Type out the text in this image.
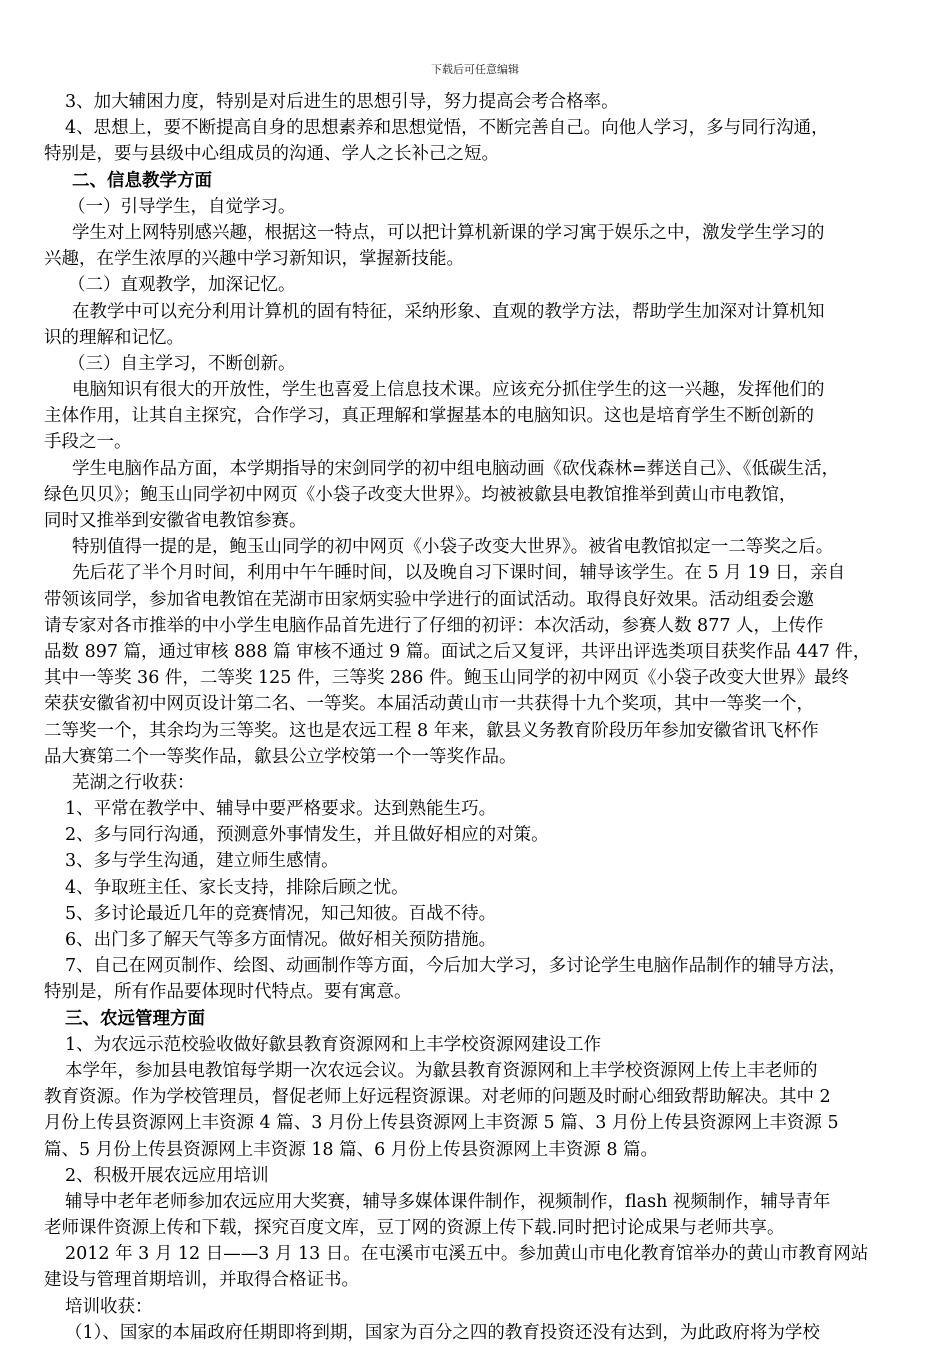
下载后可任意编辑
3、加大辅困力度，特别是对后进生的思想引导，努力提高会考合格率。
4、思想上，要不断提高自身的思想素养和思想觉悟，不断完善自己。向他人学习，多与同行沟通，
特别是，要与县级中心组成员的沟通、学人之长补己之短。
二、信息教学方面
（一）引导学生，自觉学习。
学生对上网特别感兴趣，根据这一特点，可以把计算机新课的学习寓于娱乐之中，激发学生学习的
兴趣，在学生浓厚的兴趣中学习新知识，掌握新技能。
（二）直观教学，加深记忆。
在教学中可以充分利用计算机的固有特征，采纳形象、直观的教学方法，帮助学生加深对计算机知
识的理解和记忆。
（三）自主学习，不断创新。
电脑知识有很大的开放性，学生也喜爱上信息技术课。应该充分抓住学生的这一兴趣，发挥他们的
主体作用，让其自主探究，合作学习，真正理解和掌握基本的电脑知识。这也是培育学生不断创新的
手段之一。
学生电脑作品方面，本学期指导的宋剑同学的初中组电脑动画《砍伐森林=葬送自己》、《低碳生活，
绿色贝贝》；鲍玉山同学初中网页《小袋子改变大世界》。均被被歙县电教馆推举到黄山市电教馆，
同时又推举到安徽省电教馆参赛。
特别值得一提的是，鲍玉山同学的初中网页《小袋子改变大世界》。被省电教馆拟定一二等奖之后。
先后花了半个月时间，利用中午午睡时间，以及晚自习下课时间，辅导该学生。在 5 月 19 日，亲自
带领该同学，参加省电教馆在芜湖市田家炳实验中学进行的面试活动。取得良好效果。活动组委会邀
请专家对各市推举的中小学生电脑作品首先进行了仔细的初评：本次活动，参赛人数 877 人，上传作
品数 897 篇，通过审核 888 篇 审核不通过 9 篇。面试之后又复评，共评出评选类项目获奖作品 447 件，
其中一等奖 36 件，二等奖 125 件，三等奖 286 件。鲍玉山同学的初中网页《小袋子改变大世界》最终
荣获安徽省初中网页设计第二名、一等奖。本届活动黄山市一共获得十九个奖项，其中一等奖一个，
二等奖一个，其余均为三等奖。这也是农远工程 8 年来，歙县义务教育阶段历年参加安徽省讯飞杯作
品大赛第二个一等奖作品，歙县公立学校第一个一等奖作品。
芜湖之行收获：
1、平常在教学中、辅导中要严格要求。达到熟能生巧。
2、多与同行沟通，预测意外事情发生，并且做好相应的对策。
3、多与学生沟通，建立师生感情。
4、争取班主任、家长支持，排除后顾之忧。
5、多讨论最近几年的竞赛情况，知己知彼。百战不待。
6、出门多了解天气等多方面情况。做好相关预防措施。
7、自己在网页制作、绘图、动画制作等方面，今后加大学习，多讨论学生电脑作品制作的辅导方法，
特别是，所有作品要体现时代特点。要有寓意。
三、农远管理方面
1、为农远示范校验收做好歙县教育资源网和上丰学校资源网建设工作
本学年，参加县电教馆每学期一次农远会议。为歙县教育资源网和上丰学校资源网上传上丰老师的
教育资源。作为学校管理员，督促老师上好远程资源课。对老师的问题及时耐心细致帮助解决。其中 2
月份上传县资源网上丰资源 4 篇、3 月份上传县资源网上丰资源 5 篇、3 月份上传县资源网上丰资源 5
篇、5 月份上传县资源网上丰资源 18 篇、6 月份上传县资源网上丰资源 8 篇。
2、积极开展农远应用培训
辅导中老年老师参加农远应用大奖赛，辅导多媒体课件制作，视频制作，flash 视频制作，辅导青年
老师课件资源上传和下载，探究百度文库，豆丁网的资源上传下载.同时把讨论成果与老师共享。
2012 年 3 月 12 日——3 月 13 日。在屯溪市屯溪五中。参加黄山市电化教育馆举办的黄山市教育网站
建设与管理首期培训，并取得合格证书。
培训收获：
（1）、国家的本届政府任期即将到期，国家为百分之四的教育投资还没有达到，为此政府将为学校
